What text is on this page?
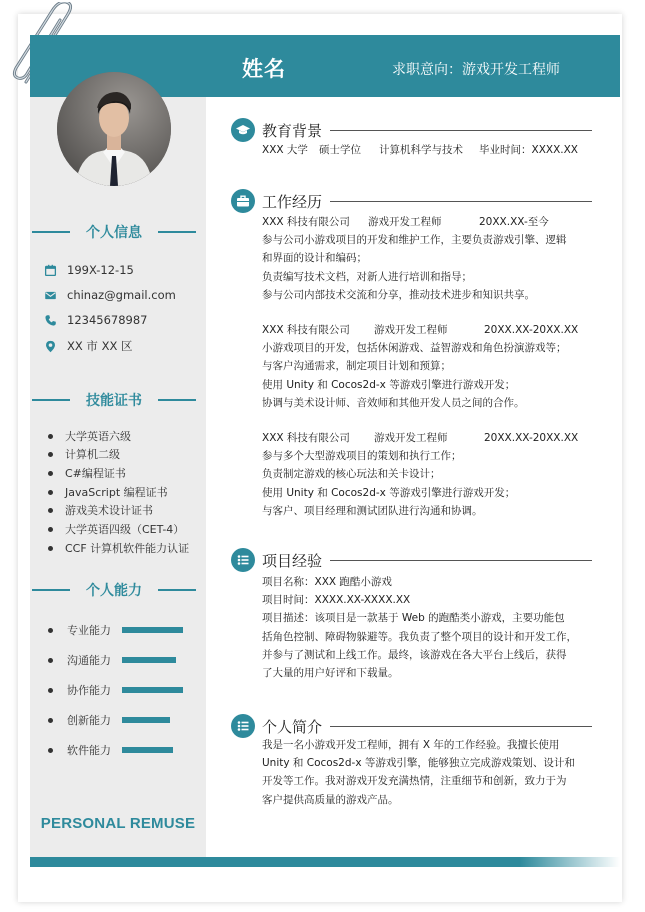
姓名	求职意向：游戏开发工程师
个人信息
199X-12-15
chinaz@gmail.com
12345678987
XX 市 XX 区
技能证书
大学英语六级
计算机二级
C#编程证书
JavaScript 编程证书
游戏美术设计证书
大学英语四级（CET-4）
CCF 计算机软件能力认证
个人能力
专业能力
沟通能力
协作能力
创新能力
软件能力
PERSONAL REMUSE
教育背景
XXX 大学	硕士学位	计算机科学与技术	毕业时间：XXXX.XX
工作经历
XXX 科技有限公司	游戏开发工程师	20XX.XX-至今
参与公司小游戏项目的开发和维护工作，主要负责游戏引擎、逻辑
和界面的设计和编码；
负责编写技术文档，对新人进行培训和指导；
参与公司内部技术交流和分享，推动技术进步和知识共享。
XXX 科技有限公司	游戏开发工程师	20XX.XX-20XX.XX
小游戏项目的开发，包括休闲游戏、益智游戏和角色扮演游戏等；
与客户沟通需求，制定项目计划和预算；
使用 Unity 和 Cocos2d-x 等游戏引擎进行游戏开发；
协调与美术设计师、音效师和其他开发人员之间的合作。
XXX 科技有限公司	游戏开发工程师	20XX.XX-20XX.XX
参与多个大型游戏项目的策划和执行工作；
负责制定游戏的核心玩法和关卡设计；
使用 Unity 和 Cocos2d-x 等游戏引擎进行游戏开发；
与客户、项目经理和测试团队进行沟通和协调。
项目经验
项目名称：XXX 跑酷小游戏
项目时间：XXXX.XX-XXXX.XX
项目描述：该项目是一款基于 Web 的跑酷类小游戏，主要功能包
括角色控制、障碍物躲避等。我负责了整个项目的设计和开发工作，
并参与了测试和上线工作。最终，该游戏在各大平台上线后，获得
了大量的用户好评和下载量。
个人简介
我是一名小游戏开发工程师，拥有 X 年的工作经验。我擅长使用
Unity 和 Cocos2d-x 等游戏引擎，能够独立完成游戏策划、设计和
开发等工作。我对游戏开发充满热情，注重细节和创新，致力于为
客户提供高质量的游戏产品。
